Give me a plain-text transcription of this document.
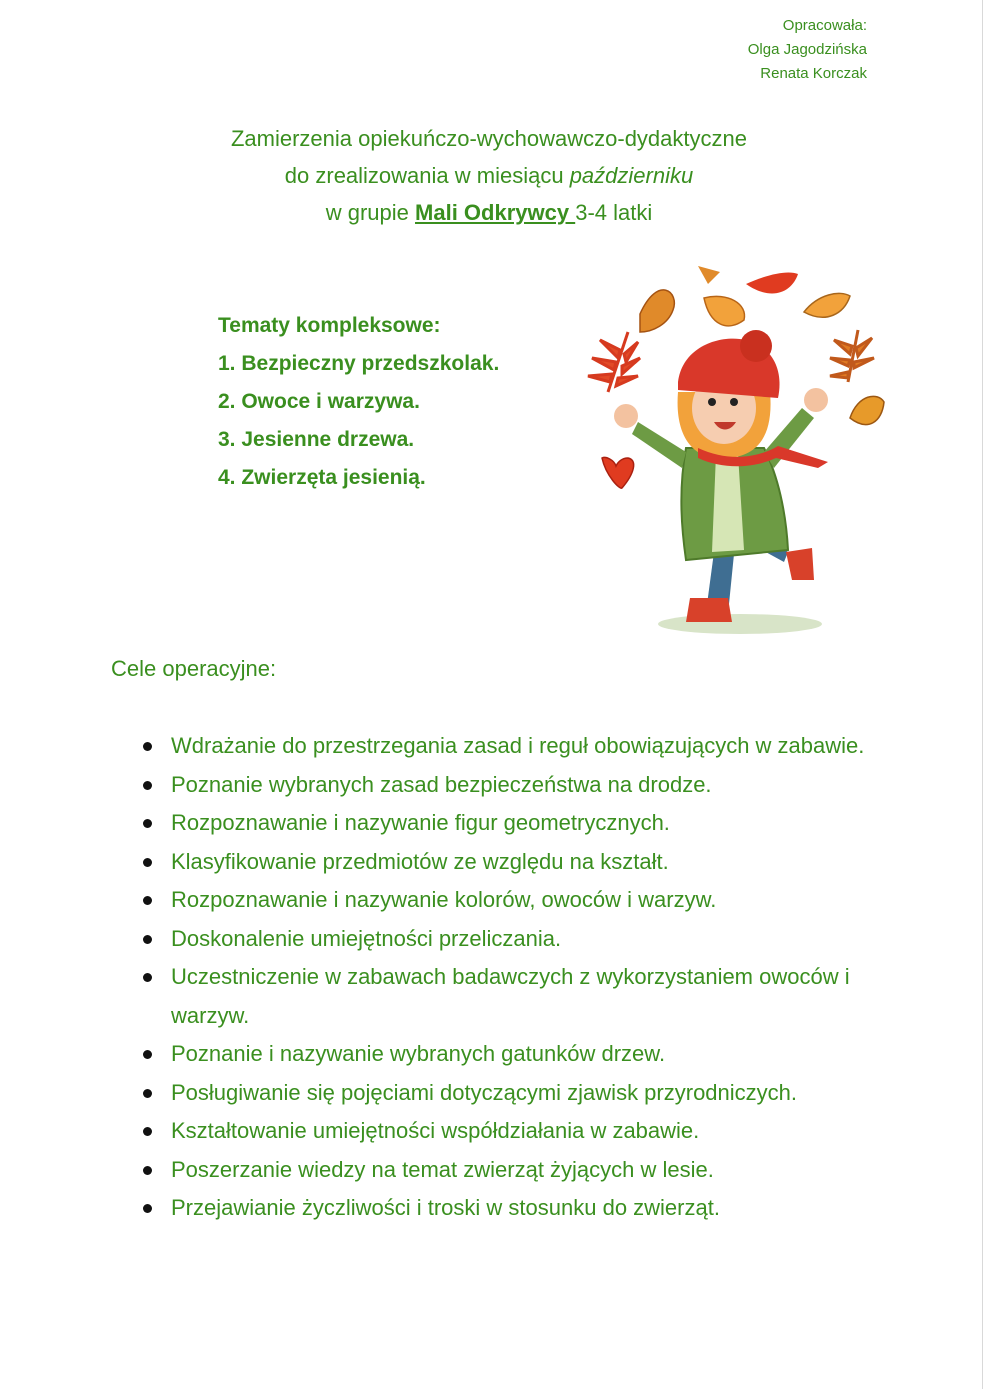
Opracowała:
Olga Jagodzińska
Renata Korczak
Zamierzenia opiekuńczo-wychowawczo-dydaktyczne
do zrealizowania w miesiącu październiku
w grupie Mali Odkrywcy 3-4 latki
Tematy kompleksowe:
1. Bezpieczny przedszkolak.
2. Owoce i warzywa.
3. Jesienne drzewa.
4. Zwierzęta jesienią.
Cele operacyjne:
Wdrażanie do przestrzegania zasad i reguł obowiązujących w zabawie.
Poznanie wybranych zasad bezpieczeństwa na drodze.
Rozpoznawanie i nazywanie figur geometrycznych.
Klasyfikowanie przedmiotów ze względu na kształt.
Rozpoznawanie i nazywanie kolorów, owoców i warzyw.
Doskonalenie umiejętności przeliczania.
Uczestniczenie w zabawach badawczych z wykorzystaniem owoców i warzyw.
Poznanie i nazywanie wybranych gatunków drzew.
Posługiwanie się pojęciami dotyczącymi zjawisk przyrodniczych.
Kształtowanie umiejętności współdziałania w zabawie.
Poszerzanie wiedzy na temat zwierząt żyjących w lesie.
Przejawianie życzliwości i troski w stosunku do zwierząt.
